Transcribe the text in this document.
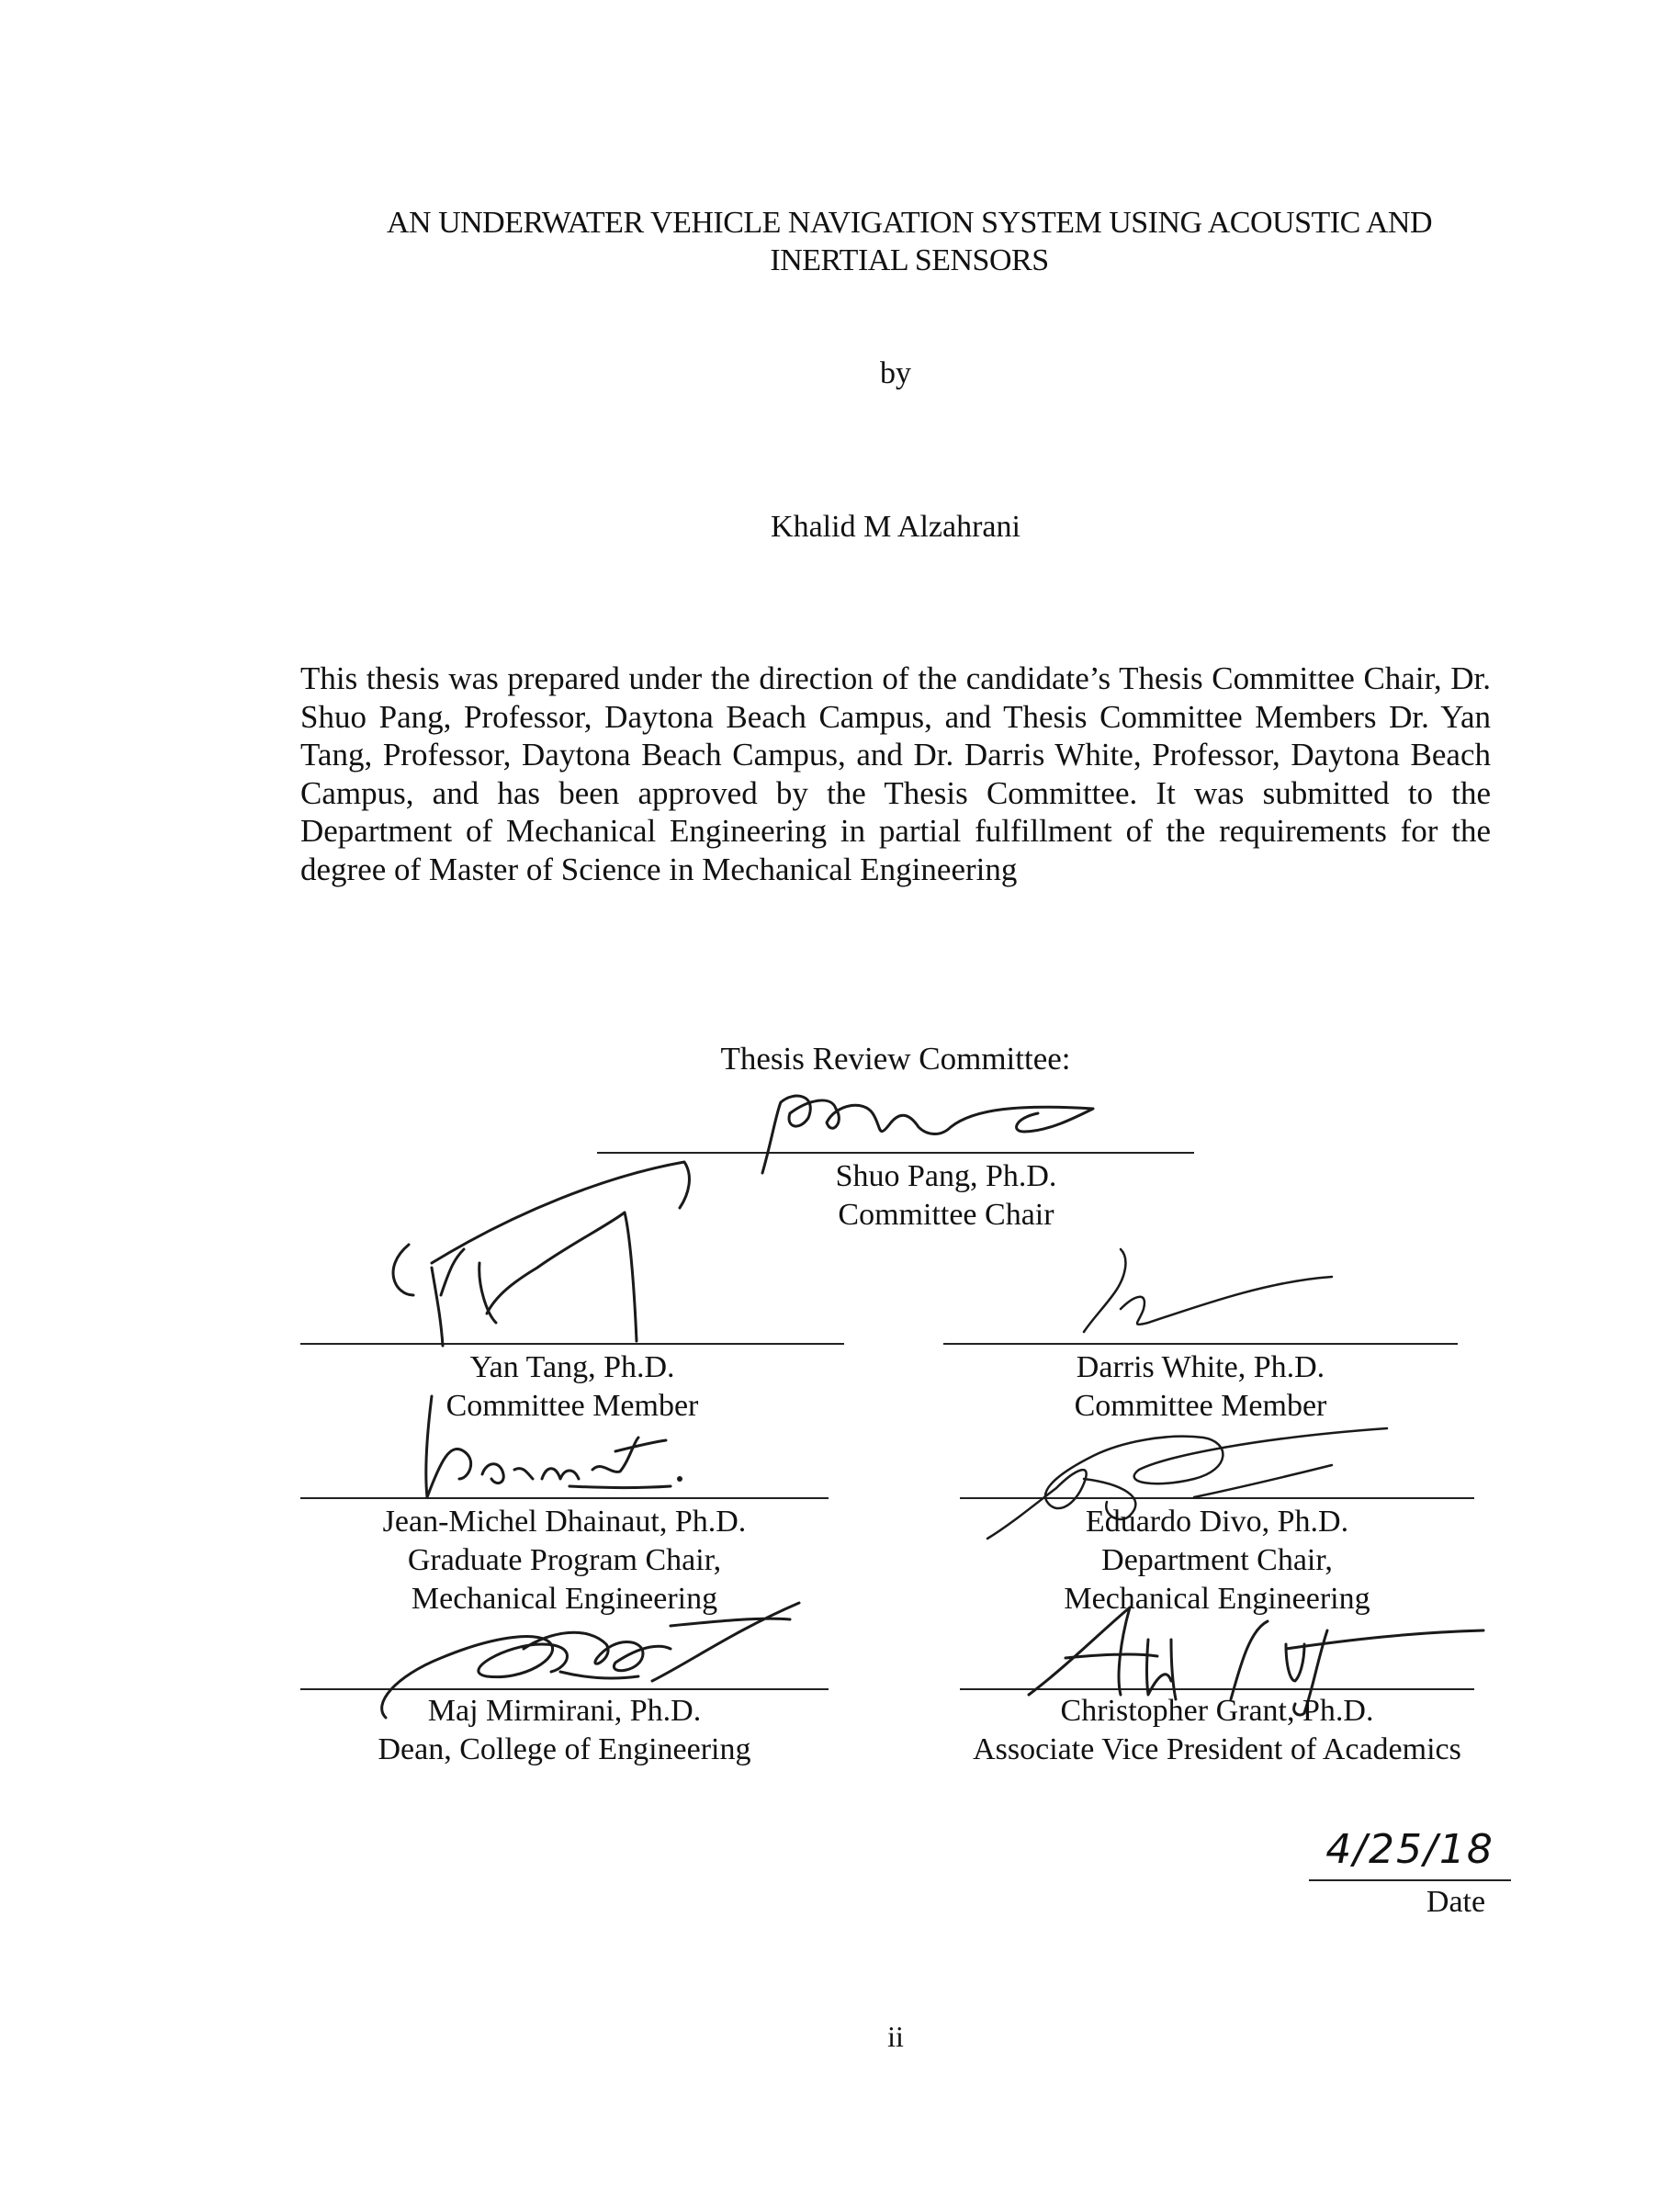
AN UNDERWATER VEHICLE NAVIGATION SYSTEM USING ACOUSTIC AND
INERTIAL SENSORS
by
Khalid M Alzahrani
This thesis was prepared under the direction of the candidate’s Thesis Committee Chair, Dr. Shuo Pang, Professor, Daytona Beach Campus, and Thesis Committee Members Dr. Yan Tang, Professor, Daytona Beach Campus, and Dr. Darris White, Professor, Daytona Beach Campus, and has been approved by the Thesis Committee. It was submitted to the Department of Mechanical Engineering in partial fulfillment of the requirements for the degree of Master of Science in Mechanical Engineering
Thesis Review Committee:
Shuo Pang, Ph.D.
Committee Chair
Yan Tang, Ph.D.
Committee Member
Darris White, Ph.D.
Committee Member
Jean-Michel Dhainaut, Ph.D.
Graduate Program Chair,
Mechanical Engineering
Eduardo Divo, Ph.D.
Department Chair,
Mechanical Engineering
Maj Mirmirani, Ph.D.
Dean, College of Engineering
Christopher Grant, Ph.D.
Associate Vice President of Academics
4/25/18
Date
ii
